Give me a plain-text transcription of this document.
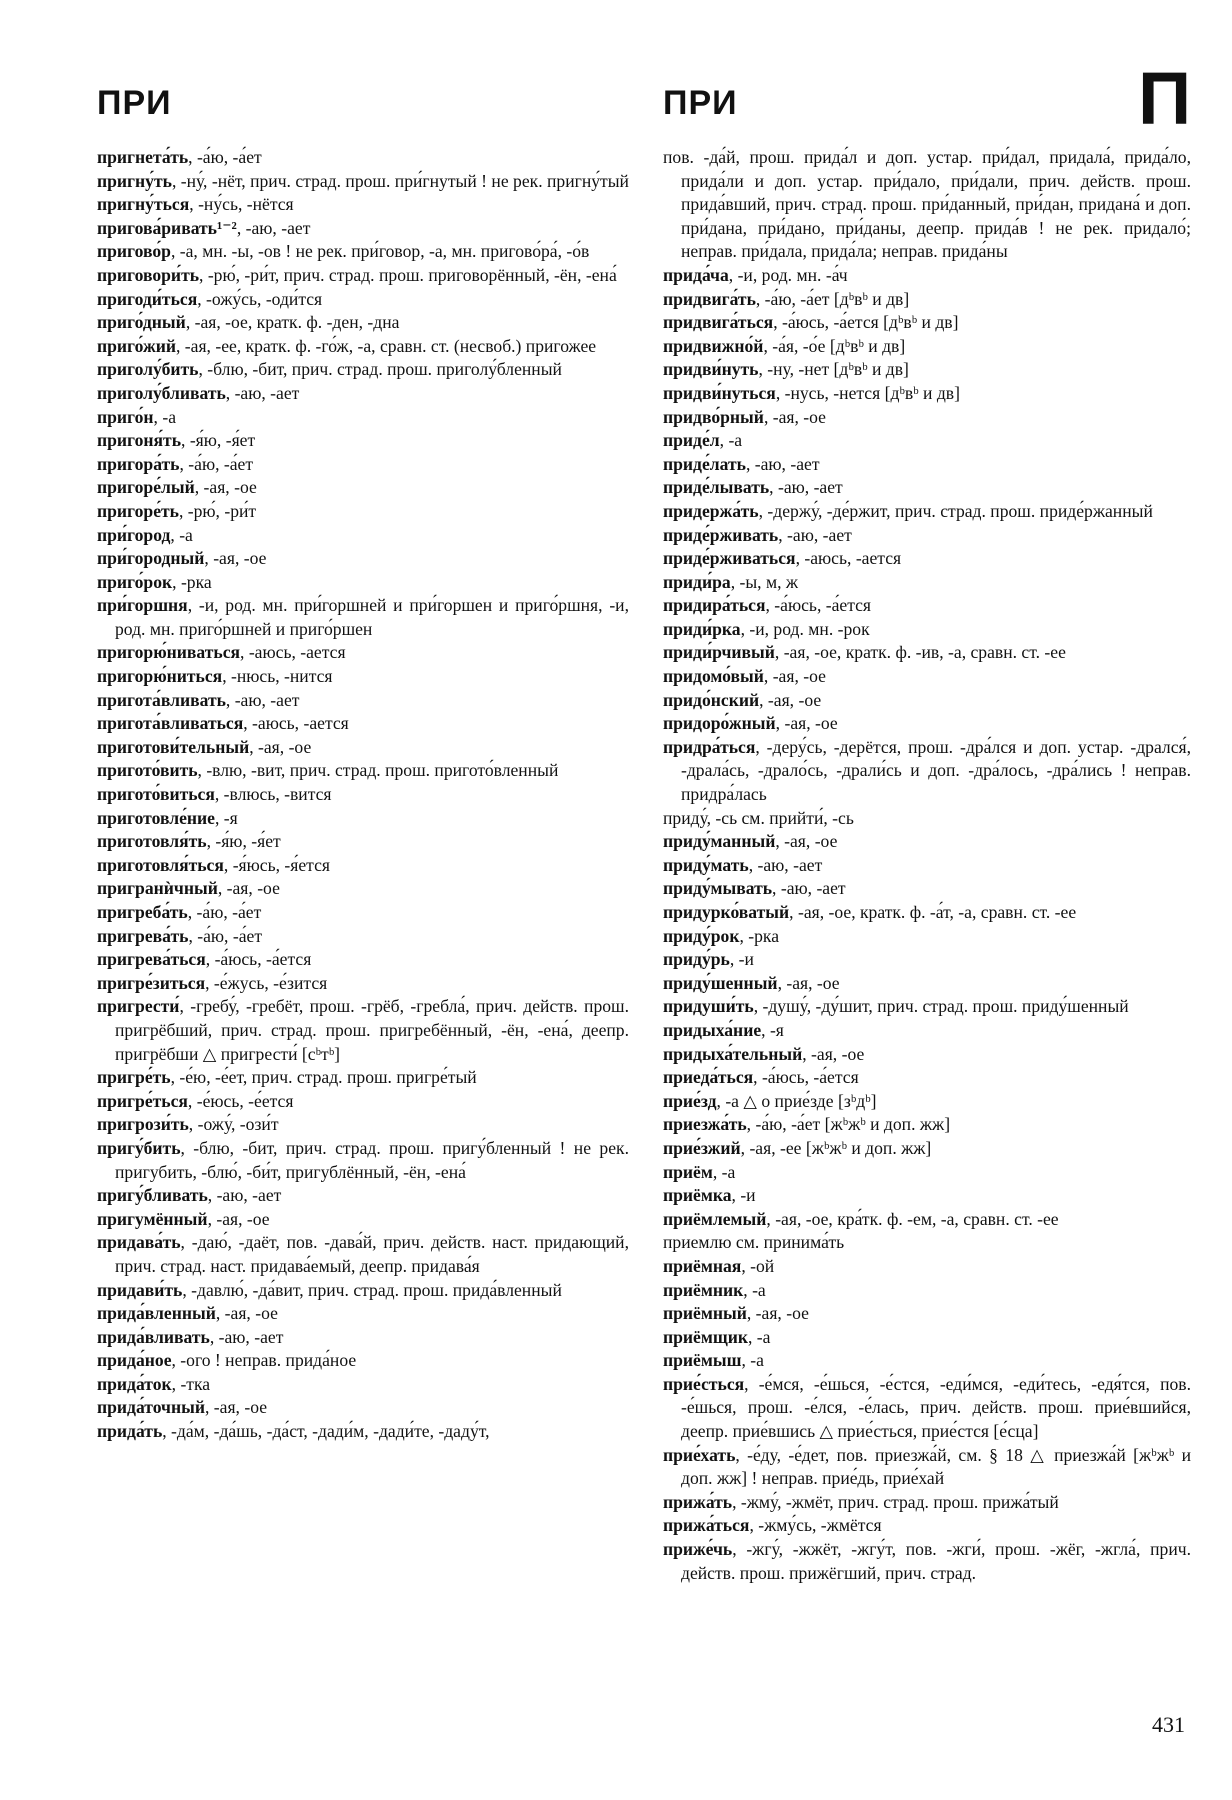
ПРИ	ПРИ	П
пригнета́ть, -а́ю, -а́ет
пригну́ть, -ну́, -нёт, прич. страд. прош. при́гнутый ! не рек. пригну́тый
пригну́ться, -ну́сь, -нётся
пригова́ривать¹⁻², -аю, -ает
пригово́р, -а, мн. -ы, -ов ! не рек. при́говор, -а, мн. пригово́ра́, -о́в
приговори́ть, -рю́, -ри́т, прич. страд. прош. приговорённый, -ён, -ена́
пригоди́ться, -ожу́сь, -оди́тся
приго́дный, -ая, -ое, кратк. ф. -ден, -дна
приго́жий, -ая, -ее, кратк. ф. -го́ж, -а, сравн. ст. (несвоб.) пригожее
приголу́бить, -блю, -бит, прич. страд. прош. приголу́бленный
приголу́бливать, -аю, -ает
приго́н, -а
пригоня́ть, -я́ю, -я́ет
пригора́ть, -а́ю, -а́ет
пригоре́лый, -ая, -ое
пригоре́ть, -рю́, -ри́т
при́город, -а
при́городный, -ая, -ое
приго́рок, -рка
при́горшня, -и, род. мн. при́горшней и при́горшен и приго́ршня, -и, род. мн. приго́ршней и приго́ршен
пригорю́ниваться, -аюсь, -ается
пригорю́ниться, -нюсь, -нится
пригота́вливать, -аю, -ает
пригота́вливаться, -аюсь, -ается
приготови́тельный, -ая, -ое
пригото́вить, -влю, -вит, прич. страд. прош. пригото́вленный
пригото́виться, -влюсь, -вится
приготовле́ние, -я
приготовля́ть, -я́ю, -я́ет
приготовля́ться, -я́юсь, -я́ется
пригранѝчный, -ая, -ое
пригреба́ть, -а́ю, -а́ет
пригрева́ть, -а́ю, -а́ет
пригрева́ться, -а́юсь, -а́ется
пригре́зиться, -е́жусь, -е́зится
пригрести́, -гребу́, -гребёт, прош. -грёб, -гребла́, прич. действ. прош. пригрёбший, прич. страд. прош. пригребённый, -ён, -ена́, деепр. пригрёбши △ пригрести́ [сᵇтᵇ]
пригре́ть, -е́ю, -е́ет, прич. страд. прош. пригре́тый
пригре́ться, -е́юсь, -е́ется
пригрози́ть, -ожу́, -ози́т
пригу́бить, -блю, -бит, прич. страд. прош. пригу́бленный ! не рек. пригубить, -блю́, -би́т, пригублённый, -ён, -ена́
пригу́бливать, -аю, -ает
пригумённый, -ая, -ое
придава́ть, -даю́, -даёт, пов. -дава́й, прич. действ. наст. придающий, прич. страд. наст. придава́емый, деепр. придава́я
придави́ть, -давлю́, -да́вит, прич. страд. прош. прида́вленный
прида́вленный, -ая, -ое
прида́вливать, -аю, -ает
прида́ное, -ого ! неправ. прида́ное
прида́ток, -тка
прида́точный, -ая, -ое
прида́ть, -да́м, -да́шь, -да́ст, -дади́м, -дади́те, -даду́т,
пов. -да́й, прош. прида́л и доп. устар. при́дал, придала́, прида́ло, прида́ли и доп. устар. при́дало, при́дали, прич. действ. прош. прида́вший, прич. страд. прош. при́данный, при́дан, придана́ и доп. при́дана, при́дано, при́даны, деепр. прида́в ! не рек. придало́; неправ. при́дала, прида́ла; неправ. прида́ны
прида́ча, -и, род. мн. -а́ч
придвига́ть, -а́ю, -а́ет [дᵇвᵇ и дв]
придвига́ться, -а́юсь, -а́ется [дᵇвᵇ и дв]
придвижно́й, -а́я, -о́е [дᵇвᵇ и дв]
придви́нуть, -ну, -нет [дᵇвᵇ и дв]
придви́нуться, -нусь, -нется [дᵇвᵇ и дв]
придво́рный, -ая, -ое
приде́л, -а
приде́лать, -аю, -ает
приде́лывать, -аю, -ает
придержа́ть, -держу́, -де́ржит, прич. страд. прош. приде́ржанный
приде́рживать, -аю, -ает
приде́рживаться, -аюсь, -ается
приди́ра, -ы, м, ж
придира́ться, -а́юсь, -а́ется
приди́рка, -и, род. мн. -рок
приди́рчивый, -ая, -ое, кратк. ф. -ив, -а, сравн. ст. -ее
придомо́вый, -ая, -ое
придо́нский, -ая, -ое
придоро́жный, -ая, -ое
придра́ться, -деру́сь, -дерётся, прош. -дра́лся и доп. устар. -дрался́, -драла́сь, -драло́сь, -драли́сь и доп. -дра́лось, -дра́лись ! неправ. придра́лась
приду́, -сь см. прийти́, -сь
приду́манный, -ая, -ое
приду́мать, -аю, -ает
приду́мывать, -аю, -ает
придурко́ватый, -ая, -ое, кратк. ф. -а́т, -а, сравн. ст. -ее
приду́рок, -рка
приду́рь, -и
приду́шенный, -ая, -ое
придуши́ть, -душу́, -ду́шит, прич. страд. прош. приду́шенный
придыха́ние, -я
придыха́тельный, -ая, -ое
приеда́ться, -а́юсь, -а́ется
прие́зд, -а △ о прие́зде [зᵇдᵇ]
приезжа́ть, -а́ю, -а́ет [жᵇжᵇ и доп. жж]
прие́зжий, -ая, -ее [жᵇжᵇ и доп. жж]
приём, -а
приёмка, -и
приёмлемый, -ая, -ое, кра́тк. ф. -ем, -а, сравн. ст. -ее
приемлю см. принима́ть
приёмная, -ой
приёмник, -а
приёмный, -ая, -ое
приёмщик, -а
приёмыш, -а
прие́сться, -е́мся, -е́шься, -е́стся, -еди́мся, -еди́тесь, -едя́тся, пов. -е́шься, прош. -е́лся, -е́лась, прич. действ. прош. прие́вшийся, деепр. прие́вшись △ прие́сться, прие́стся [е́сца]
прие́хать, -е́ду, -е́дет, пов. приезжа́й, см. § 18 △ приезжа́й [жᵇжᵇ и доп. жж] ! неправ. прие́дь, прие́хай
прижа́ть, -жму́, -жмёт, прич. страд. прош. прижа́тый
прижа́ться, -жму́сь, -жмётся
приже́чь, -жгу́, -жжёт, -жгу́т, пов. -жги́, прош. -жёг, -жгла́, прич. действ. прош. прижёгший, прич. страд.
431
